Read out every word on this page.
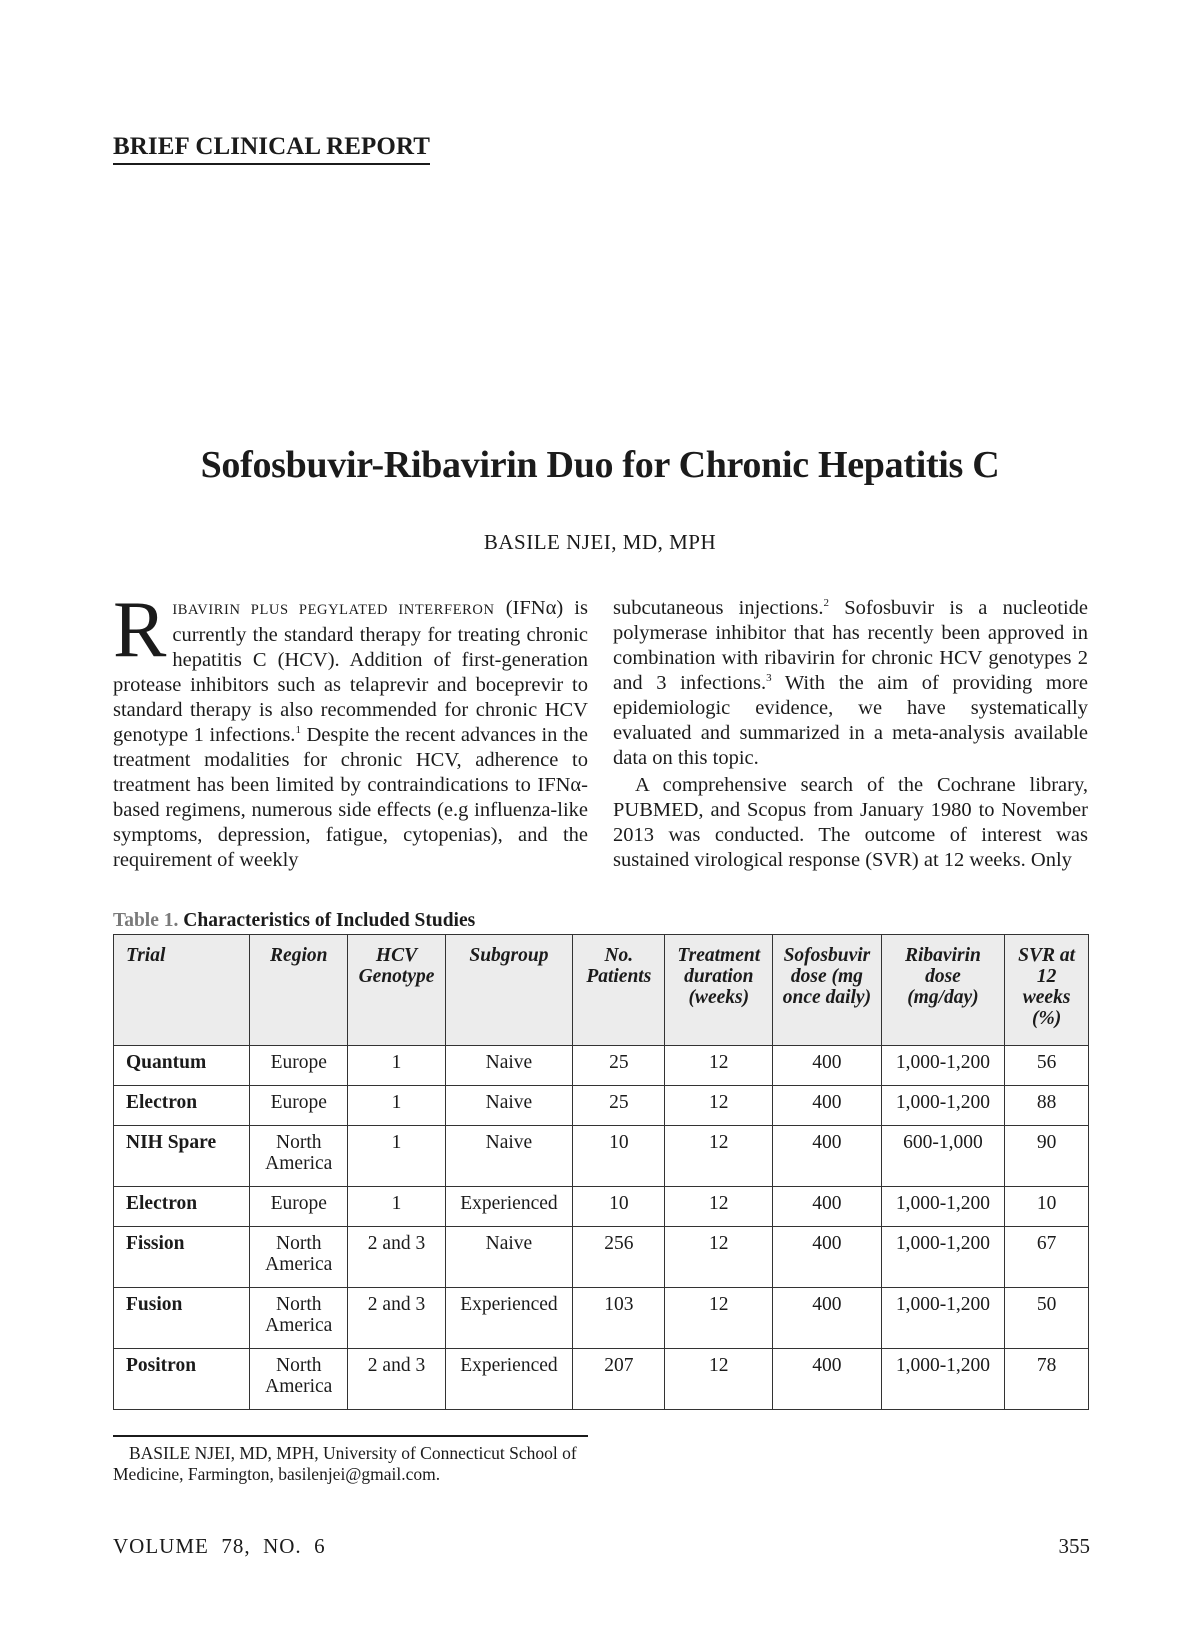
BRIEF CLINICAL REPORT
Sofosbuvir-Ribavirin Duo for Chronic Hepatitis C
BASILE NJEI, MD, MPH

RIBAVIRIN PLUS PEGYLATED INTERFERON (IFNα) is currently the standard therapy for treating chronic hepatitis C (HCV). Addition of first-generation protease inhibitors such as telaprevir and boceprevir to standard therapy is also recommended for chronic HCV genotype 1 infections.$^1$ Despite the recent advances in the treatment modalities for chronic HCV, adherence to treatment has been limited by contraindications to IFNα-based regimens, numerous side effects (e.g influenza-like symptoms, depression, fatigue, cytopenias), and the requirement of weekly

subcutaneous injections.$^2$ Sofosbuvir is a nucleotide polymerase inhibitor that has recently been approved in combination with ribavirin for chronic HCV genotypes 2 and 3 infections.$^3$ With the aim of providing more epidemiologic evidence, we have systematically evaluated and summarized in a meta-analysis available data on this topic.

A comprehensive search of the Cochrane library, PUBMED, and Scopus from January 1980 to November 2013 was conducted. The outcome of interest was sustained virological response (SVR) at 12 weeks. Only

Table 1. Characteristics of Included Studies
Trial	Region	HCV Genotype	Subgroup	No. Patients	Treatment duration (weeks)	Sofosbuvir dose (mg once daily)	Ribavirin dose (mg/day)	SVR at 12 weeks (%)
Quantum	Europe	1	Naive	25	12	400	1,000-1,200	56
Electron	Europe	1	Naive	25	12	400	1,000-1,200	88
NIH Spare	North America	1	Naive	10	12	400	600-1,000	90
Electron	Europe	1	Experienced	10	12	400	1,000-1,200	10
Fission	North America	2 and 3	Naive	256	12	400	1,000-1,200	67
Fusion	North America	2 and 3	Experienced	103	12	400	1,000-1,200	50
Positron	North America	2 and 3	Experienced	207	12	400	1,000-1,200	78
BASILE NJEI, MD, MPH, University of Connecticut School of Medicine, Farmington, basilenjei@gmail.com.
VOLUME  78,  NO.  6	355
